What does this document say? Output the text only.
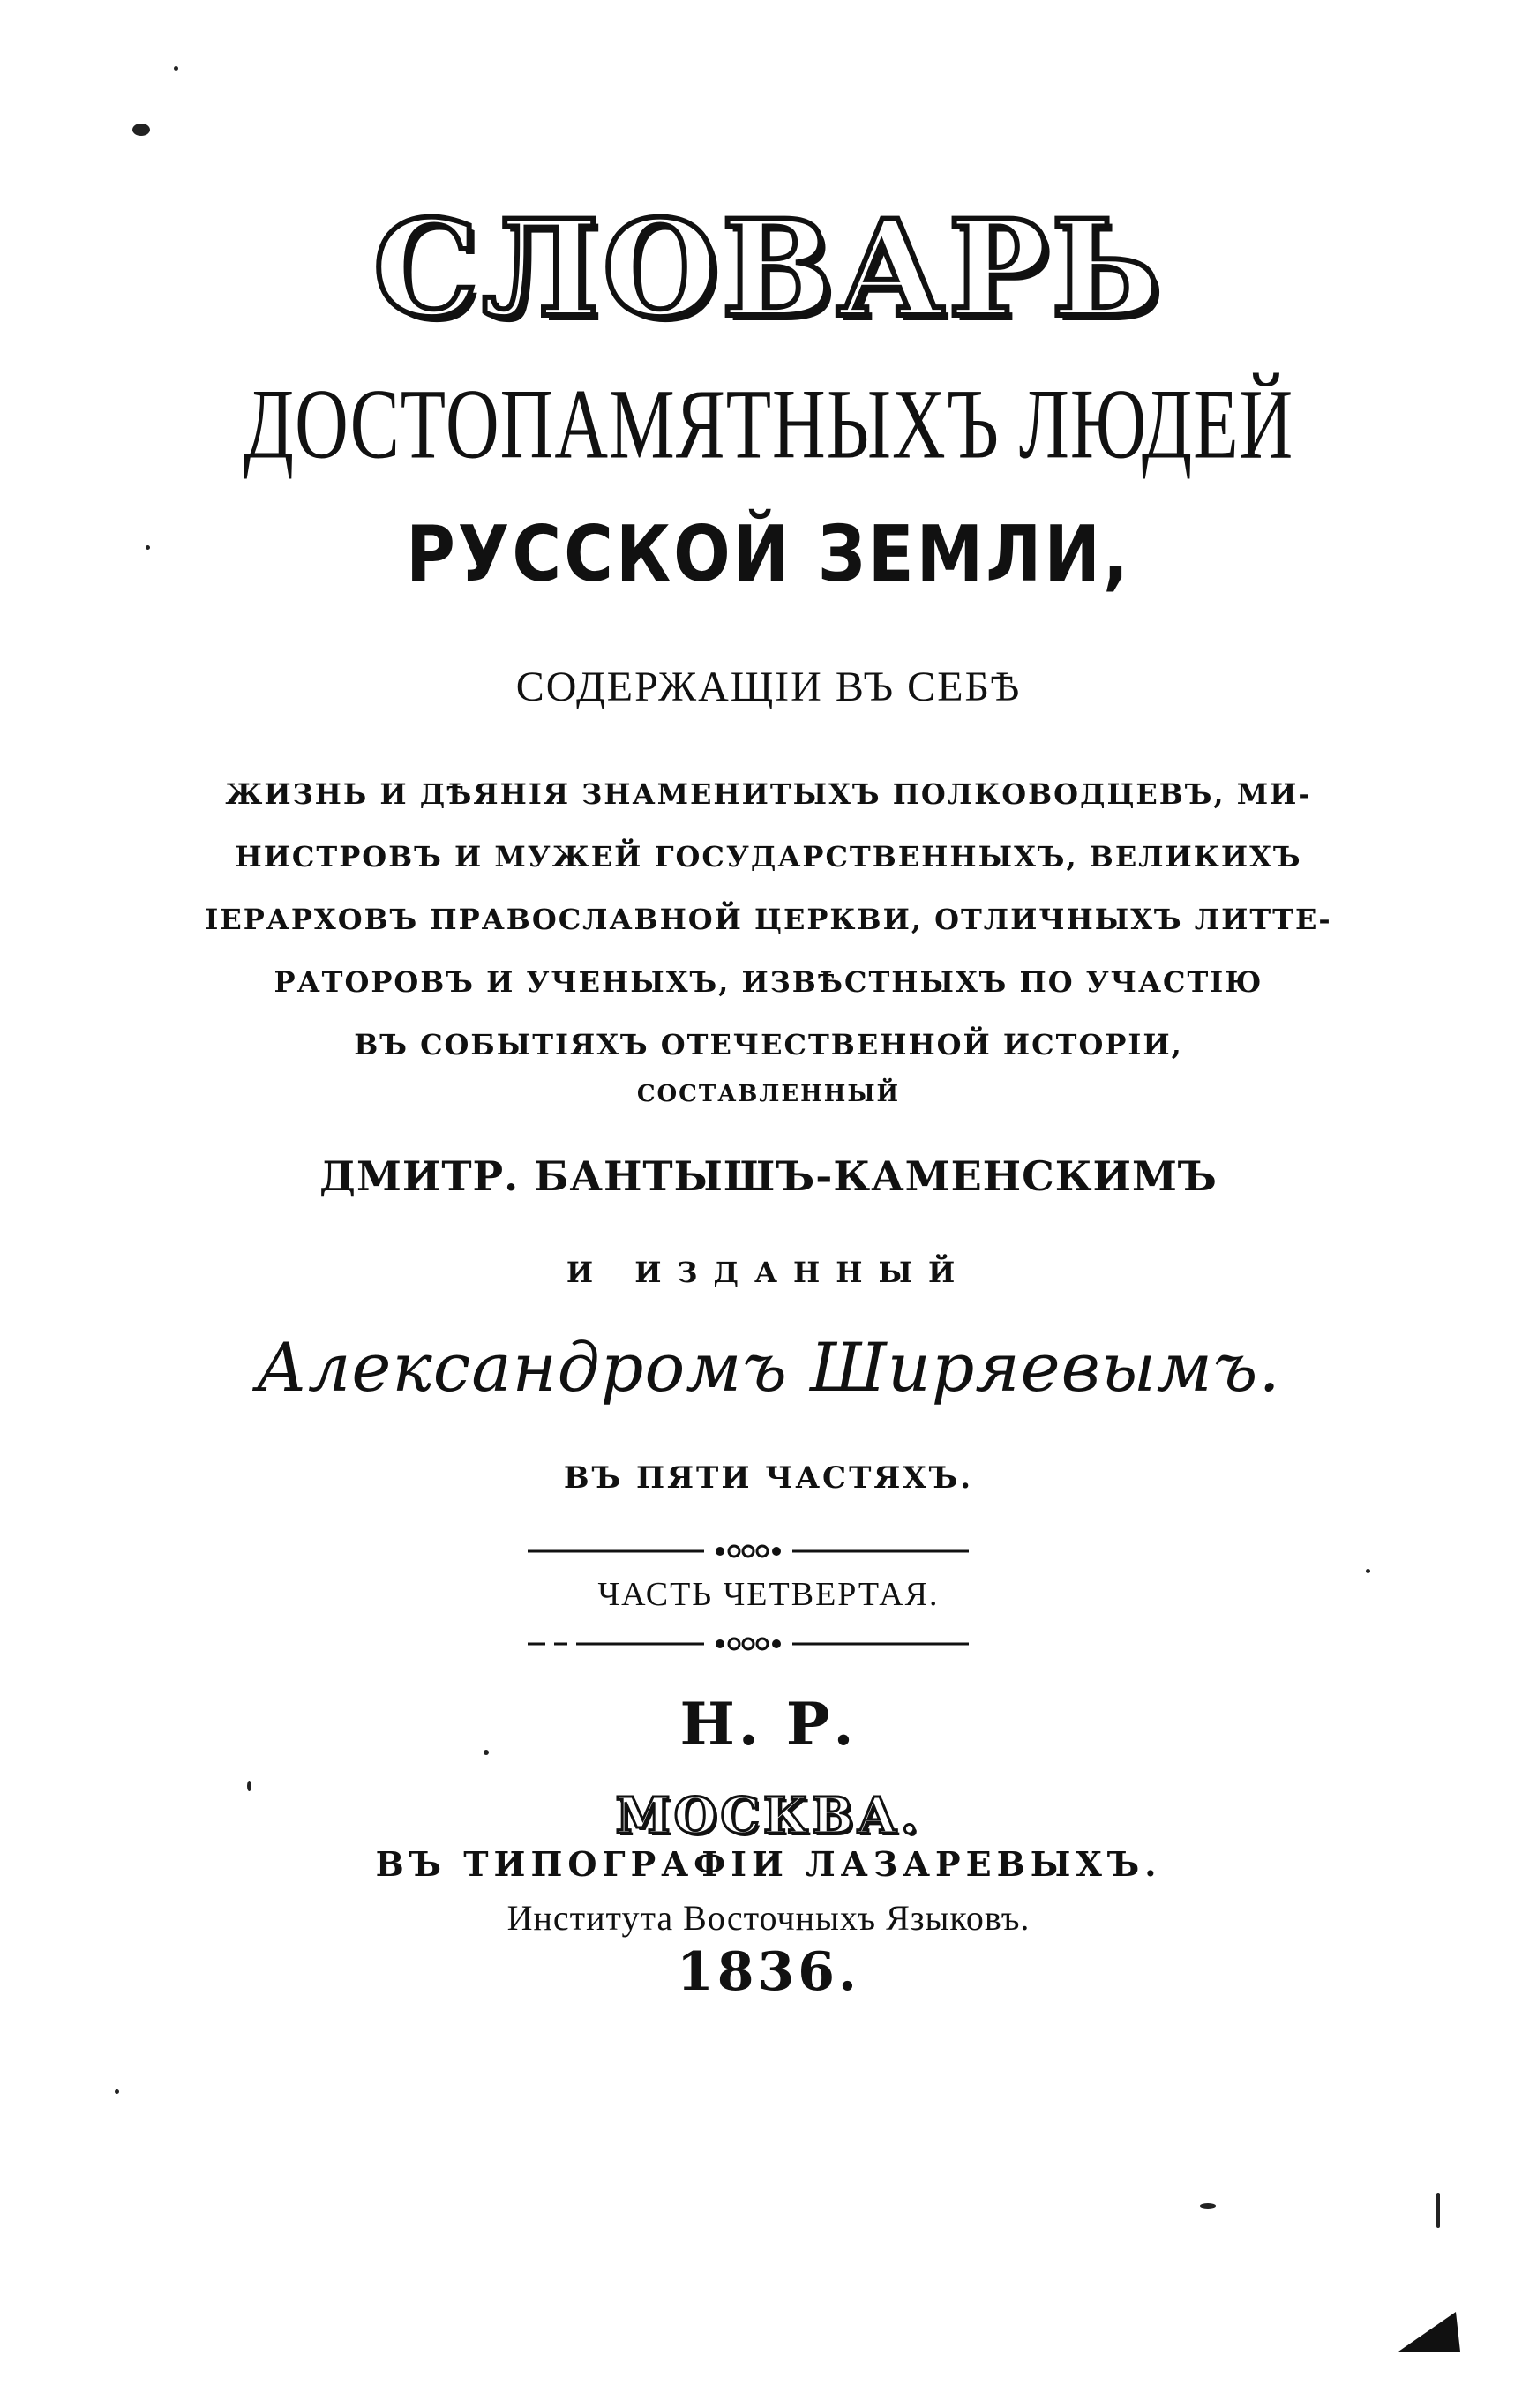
СЛОВАРЬ
ДОСТОПАМЯТНЫХЪ ЛЮДЕЙ
РУССКОЙ ЗЕМЛИ,
СОДЕРЖАЩІИ ВЪ СЕБѢ
ЖИЗНЬ И ДѢЯНІЯ ЗНАМЕНИТЫХЪ ПОЛКОВОДЦЕВЪ, МИ-
НИСТРОВЪ И МУЖЕЙ ГОСУДАРСТВЕННЫХЪ, ВЕЛИКИХЪ
ІЕРАРХОВЪ ПРАВОСЛАВНОЙ ЦЕРКВИ, ОТЛИЧНЫХЪ ЛИТТЕ-
РАТОРОВЪ И УЧЕНЫХЪ, ИЗВѢСТНЫХЪ ПО УЧАСТІЮ
ВЪ СОБЫТІЯХЪ ОТЕЧЕСТВЕННОЙ ИСТОРІИ,
СОСТАВЛЕННЫЙ
ДМИТР. БАНТЫШЪ-КАМЕНСКИМЪ
И ИЗДАННЫЙ
Александромъ Ширяевымъ.
ВЪ ПЯТИ ЧАСТЯХЪ.
ЧАСТЬ ЧЕТВЕРТАЯ.
Н. Р.
МОСКВА.
ВЪ ТИПОГРАФІИ ЛАЗАРЕВЫХЪ.
Института Восточныхъ Языковъ.
1836.
